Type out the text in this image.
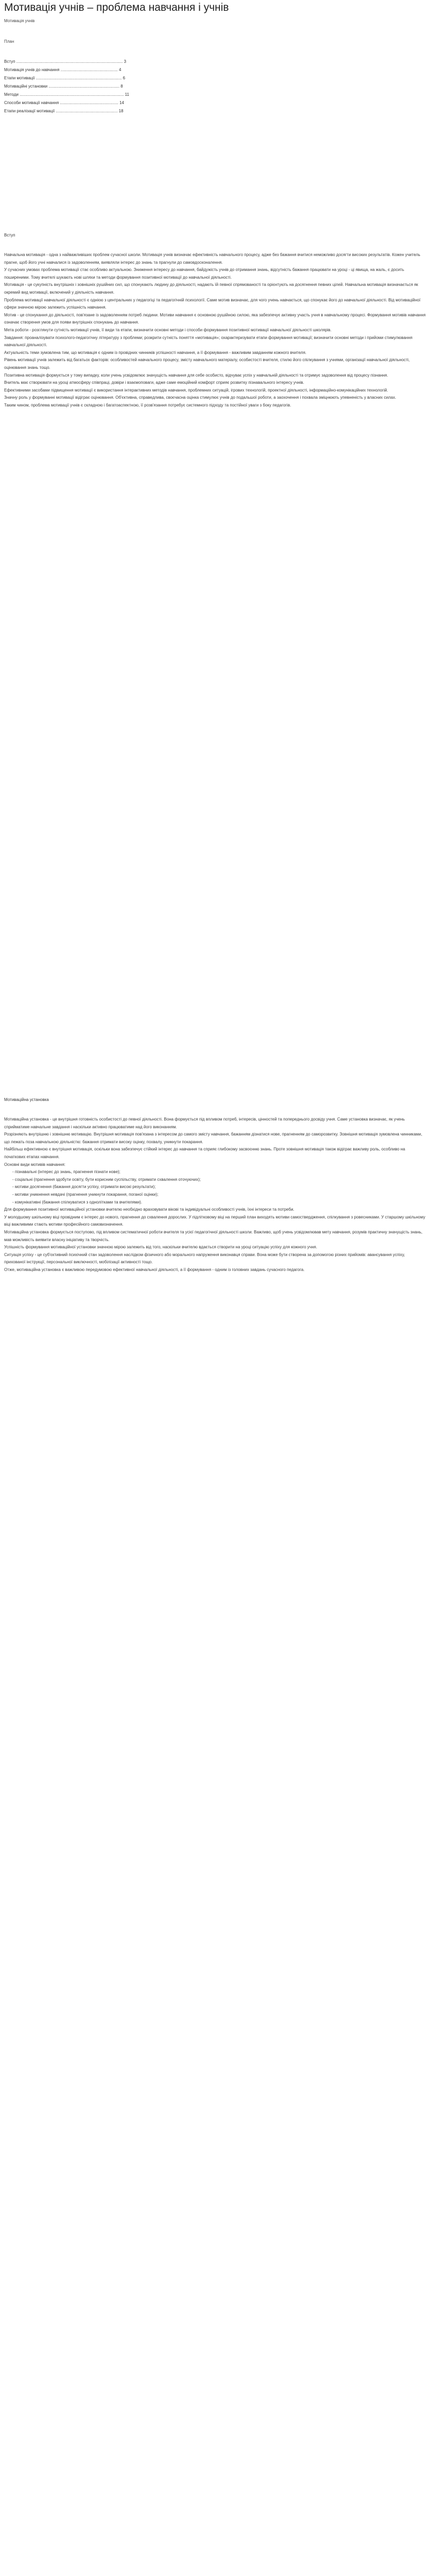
Мотивація учнів – проблема навчання і учнів
Мотивація учнів
План
Вступ ............................................................................................. 3
Мотивація учнів до навчання .................................................. 4
Етапи мотивації ........................................................................... 6
Мотиваційні установки .............................................................. 8
Методи ........................................................................................... 11
Способи мотивації навчання ................................................... 14
Етапи реалізації мотивації ...................................................... 18
Вступ

Навчальна мотивація - одна з найважливіших проблем сучасної школи. Мотивація учнів визначає ефективність навчального процесу, адже без бажання вчитися неможливо досягти високих результатів. Кожен учитель прагне, щоб його учні навчалися із задоволенням, виявляли інтерес до знань та прагнули до самовдосконалення.

У сучасних умовах проблема мотивації стає особливо актуальною. Зниження інтересу до навчання, байдужість учнів до отримання знань, відсутність бажання працювати на уроці - ці явища, на жаль, є досить поширеними. Тому вчителі шукають нові шляхи та методи формування позитивної мотивації до навчальної діяльності.

Мотивація - це сукупність внутрішніх і зовнішніх рушійних сил, що спонукають людину до діяльності, надають їй певної спрямованості та орієнтують на досягнення певних цілей. Навчальна мотивація визначається як окремий вид мотивації, включений у діяльність навчання.

Проблема мотивації навчальної діяльності є однією з центральних у педагогіці та педагогічній психології. Саме мотив визначає, для чого учень навчається, що спонукає його до навчальної діяльності. Від мотиваційної сфери значною мірою залежить успішність навчання.

Мотив - це спонукання до діяльності, пов'язане із задоволенням потреб людини. Мотиви навчання є основною рушійною силою, яка забезпечує активну участь учня в навчальному процесі. Формування мотивів навчання означає створення умов для появи внутрішніх спонукань до навчання.

Мета роботи - розглянути сутність мотивації учнів, її види та етапи, визначити основні методи і способи формування позитивної мотивації навчальної діяльності школярів.

Завдання: проаналізувати психолого-педагогічну літературу з проблеми; розкрити сутність поняття «мотивація»; охарактеризувати етапи формування мотивації; визначити основні методи і прийоми стимулювання навчальної діяльності.

Актуальність теми зумовлена тим, що мотивація є одним із провідних чинників успішності навчання, а її формування - важливим завданням кожного вчителя.

Рівень мотивації учнів залежить від багатьох факторів: особливостей навчального процесу, змісту навчального матеріалу, особистості вчителя, стилю його спілкування з учнями, організації навчальної діяльності, оцінювання знань тощо.

Позитивна мотивація формується у тому випадку, коли учень усвідомлює значущість навчання для себе особисто, відчуває успіх у навчальній діяльності та отримує задоволення від процесу пізнання.

Вчитель має створювати на уроці атмосферу співпраці, довіри і взаємоповаги, адже саме емоційний комфорт сприяє розвитку пізнавального інтересу учнів.

Ефективними засобами підвищення мотивації є використання інтерактивних методів навчання, проблемних ситуацій, ігрових технологій, проектної діяльності, інформаційно-комунікаційних технологій.

Значну роль у формуванні мотивації відіграє оцінювання. Об'єктивна, справедлива, своєчасна оцінка стимулює учнів до подальшої роботи, а заохочення і похвала зміцнюють упевненість у власних силах.

Таким чином, проблема мотивації учнів є складною і багатоаспектною, її розв'язання потребує системного підходу та постійної уваги з боку педагогів.

Мотиваційна установка

Мотиваційна установка - це внутрішня готовність особистості до певної діяльності. Вона формується під впливом потреб, інтересів, цінностей та попереднього досвіду учня. Саме установка визначає, як учень сприйматиме навчальне завдання і наскільки активно працюватиме над його виконанням.

Розрізняють внутрішню і зовнішню мотивацію. Внутрішня мотивація пов'язана з інтересом до самого змісту навчання, бажанням дізнатися нове, прагненням до саморозвитку. Зовнішня мотивація зумовлена чинниками, що лежать поза навчальною діяльністю: бажання отримати високу оцінку, похвалу, уникнути покарання.

Найбільш ефективною є внутрішня мотивація, оскільки вона забезпечує стійкий інтерес до навчання та сприяє глибокому засвоєнню знань. Проте зовнішня мотивація також відіграє важливу роль, особливо на початкових етапах навчання.

Основні види мотивів навчання:

- пізнавальні (інтерес до знань, прагнення пізнати нове);

- соціальні (прагнення здобути освіту, бути корисним суспільству, отримати схвалення оточуючих);

- мотиви досягнення (бажання досягти успіху, отримати високі результати);

- мотиви уникнення невдачі (прагнення уникнути покарання, поганої оцінки);

- комунікативні (бажання спілкуватися з однолітками та вчителями).

Для формування позитивної мотиваційної установки вчителю необхідно враховувати вікові та індивідуальні особливості учнів, їхні інтереси та потреби.

У молодшому шкільному віці провідним є інтерес до нового, прагнення до схвалення дорослих. У підлітковому віці на перший план виходять мотиви самоствердження, спілкування з ровесниками. У старшому шкільному віці важливими стають мотиви професійного самовизначення.

Мотиваційна установка формується поступово, під впливом систематичної роботи вчителя та усієї педагогічної діяльності школи. Важливо, щоб учень усвідомлював мету навчання, розумів практичну значущість знань, мав можливість виявити власну ініціативу та творчість.

Успішність формування мотиваційної установки значною мірою залежить від того, наскільки вчителю вдається створити на уроці ситуацію успіху для кожного учня.

Ситуація успіху - це суб'єктивний психічний стан задоволення наслідком фізичного або морального напруження виконавця справи. Вона може бути створена за допомогою різних прийомів: авансування успіху, прихованої інструкції, персональної виключності, мобілізації активності тощо.

Отже, мотиваційна установка є важливою передумовою ефективної навчальної діяльності, а її формування - одним із головних завдань сучасного педагога.
